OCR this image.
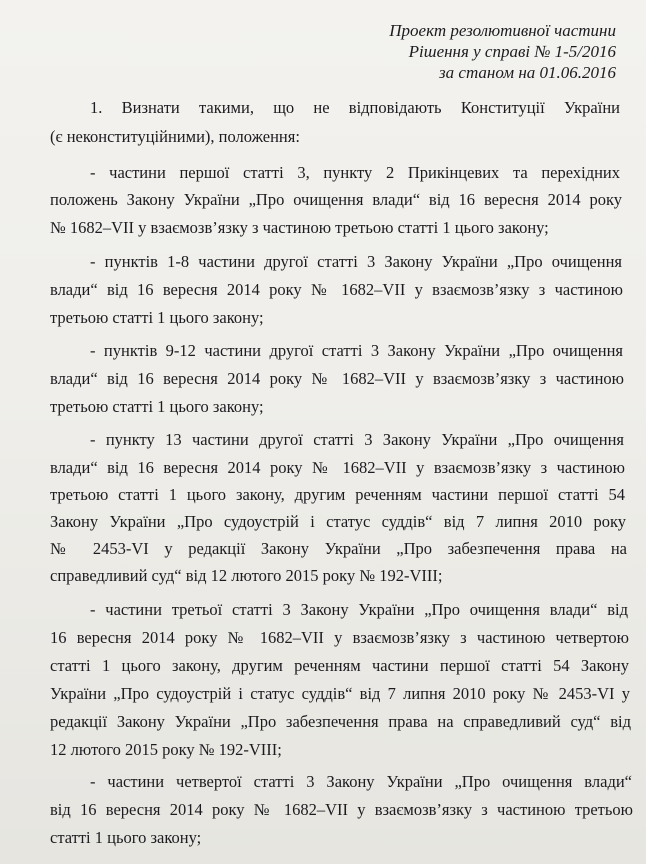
Проект резолютивної частини
Рішення у справі № 1-5/2016
за станом на 01.06.2016
1. Визнати такими, що не відповідають Конституції України
(є неконституційними), положення:
- частини першої статті 3, пункту 2 Прикінцевих та перехідних
положень Закону України „Про очищення влади“ від 16 вересня 2014 року
№ 1682–VII у взаємозв’язку з частиною третьою статті 1 цього закону;
- пунктів 1-8 частини другої статті 3 Закону України „Про очищення
влади“ від 16 вересня 2014 року № 1682–VII у взаємозв’язку з частиною
третьою статті 1 цього закону;
- пунктів 9-12 частини другої статті 3 Закону України „Про очищення
влади“ від 16 вересня 2014 року № 1682–VII у взаємозв’язку з частиною
третьою статті 1 цього закону;
- пункту 13 частини другої статті 3 Закону України „Про очищення
влади“ від 16 вересня 2014 року № 1682–VII у взаємозв’язку з частиною
третьою статті 1 цього закону, другим реченням частини першої статті 54
Закону України „Про судоустрій і статус суддів“ від 7 липня 2010 року
№ 2453-VI у редакції Закону України „Про забезпечення права на
справедливий суд“ від 12 лютого 2015 року № 192-VIII;
- частини третьої статті 3 Закону України „Про очищення влади“ від
16 вересня 2014 року № 1682–VII у взаємозв’язку з частиною четвертою
статті 1 цього закону, другим реченням частини першої статті 54 Закону
України „Про судоустрій і статус суддів“ від 7 липня 2010 року № 2453-VI у
редакції Закону України „Про забезпечення права на справедливий суд“ від
12 лютого 2015 року № 192-VIII;
- частини четвертої статті 3 Закону України „Про очищення влади“
від 16 вересня 2014 року № 1682–VII у взаємозв’язку з частиною третьою
статті 1 цього закону;
